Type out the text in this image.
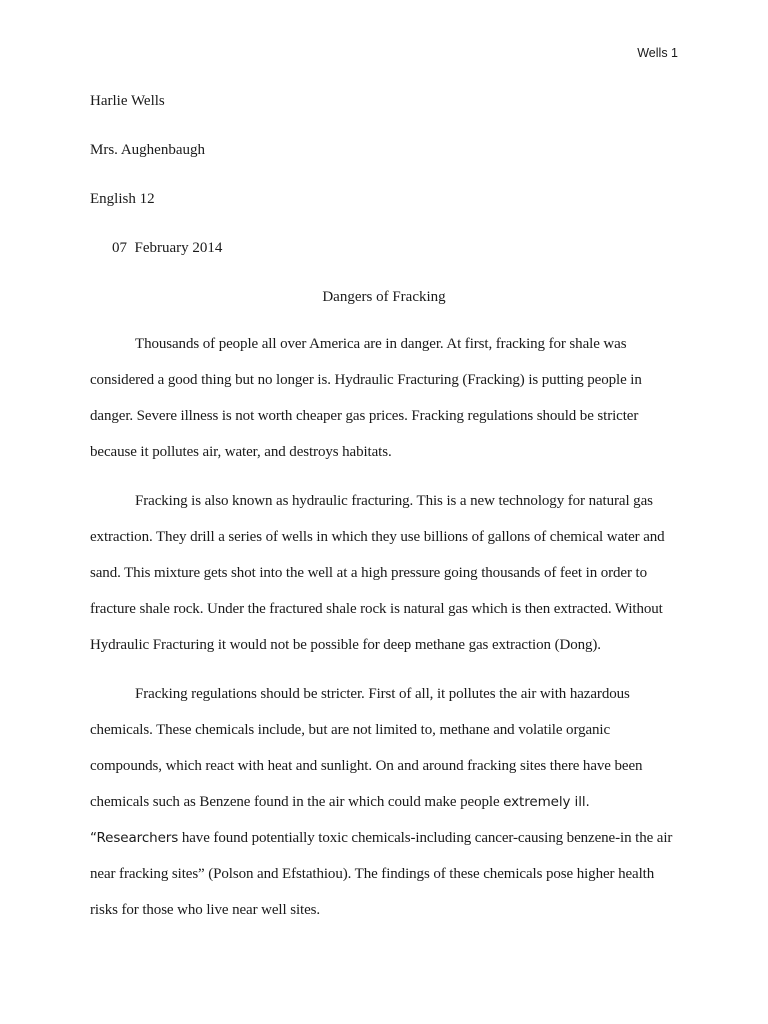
Wells 1
Harlie Wells
Mrs. Aughenbaugh
English 12
07  February 2014
Dangers of Fracking

Thousands of people all over America are in danger. At first, fracking for shale was considered a good thing but no longer is. Hydraulic Fracturing (Fracking) is putting people in danger. Severe illness is not worth cheaper gas prices. Fracking regulations should be stricter because it pollutes air, water, and destroys habitats.

Fracking is also known as hydraulic fracturing. This is a new technology for natural gas extraction. They drill a series of wells in which they use billions of gallons of chemical water and sand. This mixture gets shot into the well at a high pressure going thousands of feet in order to fracture shale rock. Under the fractured shale rock is natural gas which is then extracted. Without Hydraulic Fracturing it would not be possible for deep methane gas extraction (Dong).

Fracking regulations should be stricter. First of all, it pollutes the air with hazardous chemicals. These chemicals include, but are not limited to, methane and volatile organic compounds, which react with heat and sunlight. On and around fracking sites there have been chemicals such as Benzene found in the air which could make people extremely ill. “Researchers have found potentially toxic chemicals-including cancer-causing benzene-in the air near fracking sites” (Polson and Efstathiou). The findings of these chemicals pose higher health risks for those who live near well sites.
